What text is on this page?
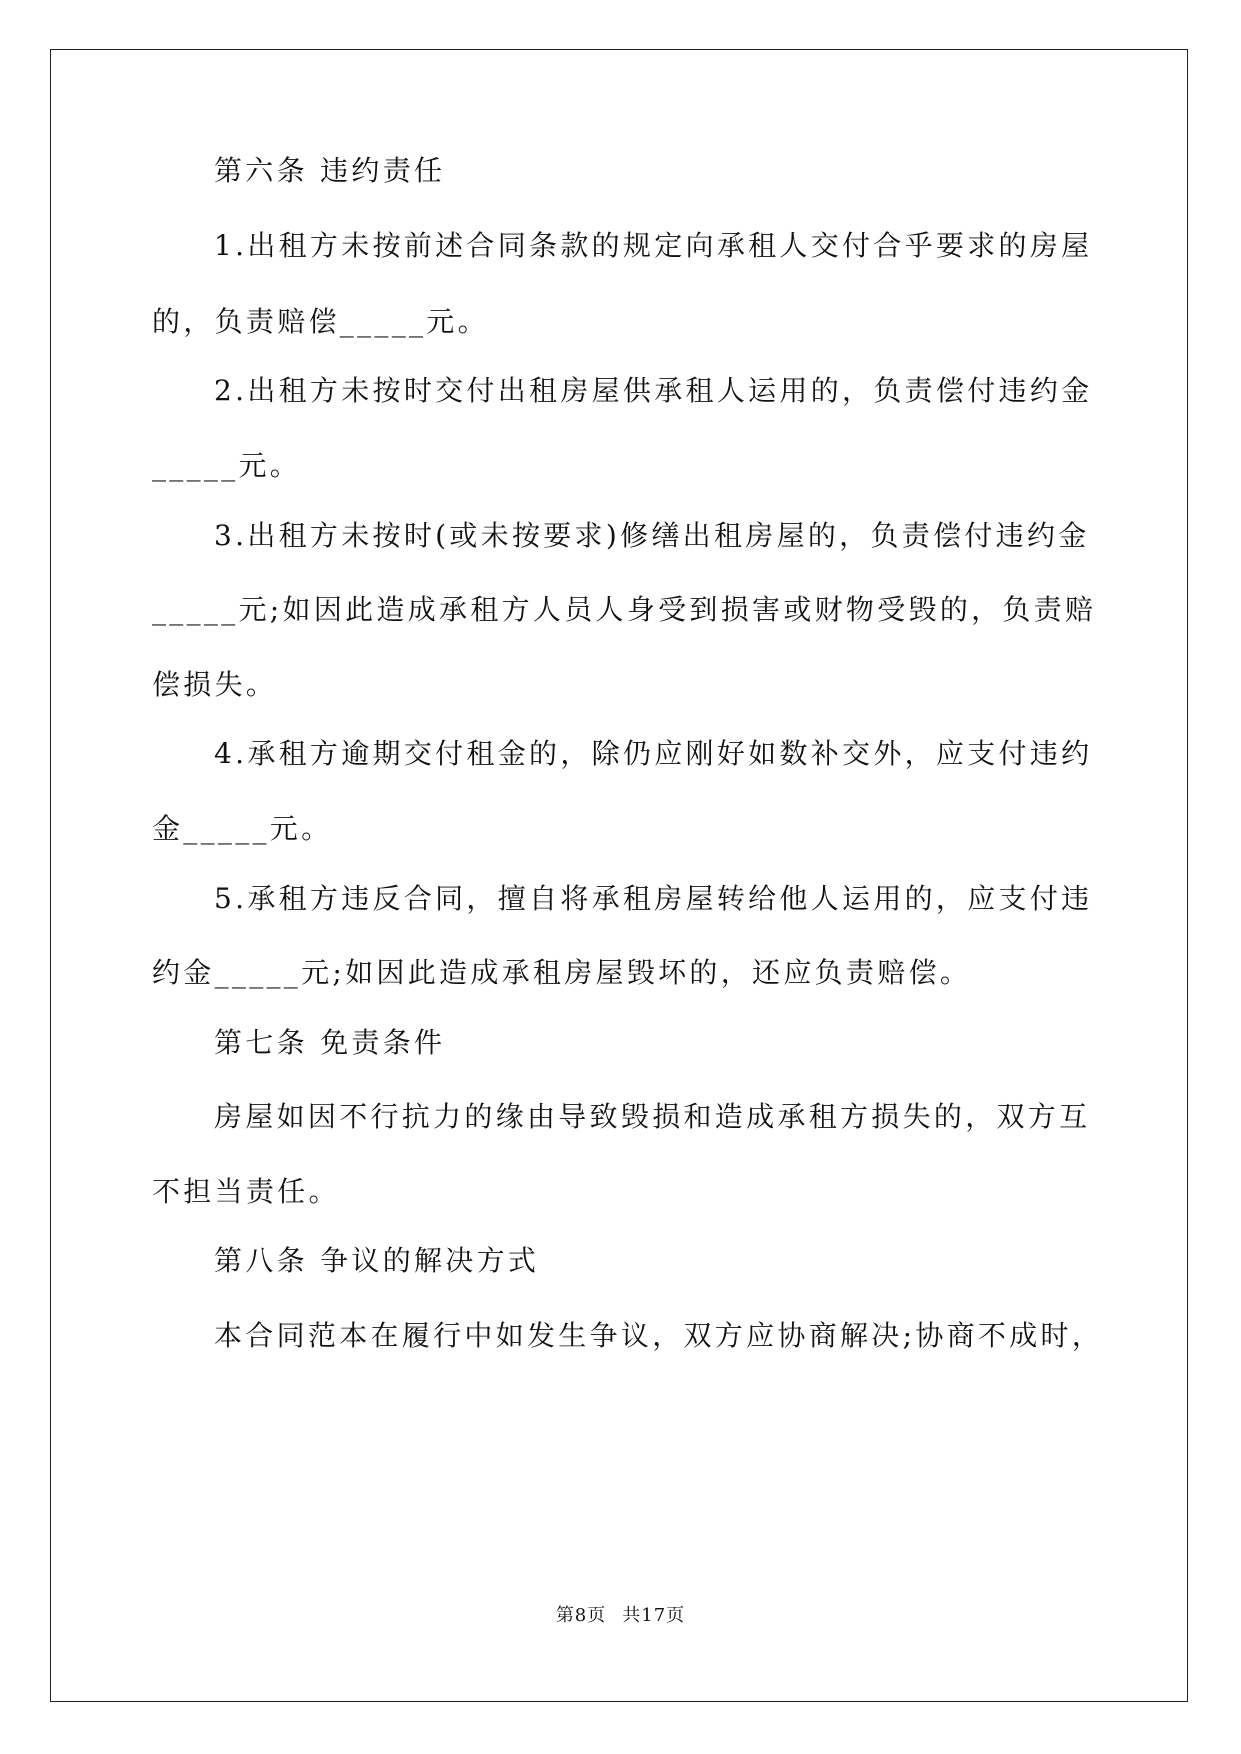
第六条 违约责任
1.出租方未按前述合同条款的规定向承租人交付合乎要求的房屋
的，负责赔偿_____元。
2.出租方未按时交付出租房屋供承租人运用的，负责偿付违约金
_____元。
3.出租方未按时(或未按要求)修缮出租房屋的，负责偿付违约金
_____元;如因此造成承租方人员人身受到损害或财物受毁的，负责赔
偿损失。
4.承租方逾期交付租金的，除仍应刚好如数补交外，应支付违约
金_____元。
5.承租方违反合同，擅自将承租房屋转给他人运用的，应支付违
约金_____元;如因此造成承租房屋毁坏的，还应负责赔偿。
第七条 免责条件
房屋如因不行抗力的缘由导致毁损和造成承租方损失的，双方互
不担当责任。
第八条 争议的解决方式
本合同范本在履行中如发生争议，双方应协商解决;协商不成时，
第8页 共17页
